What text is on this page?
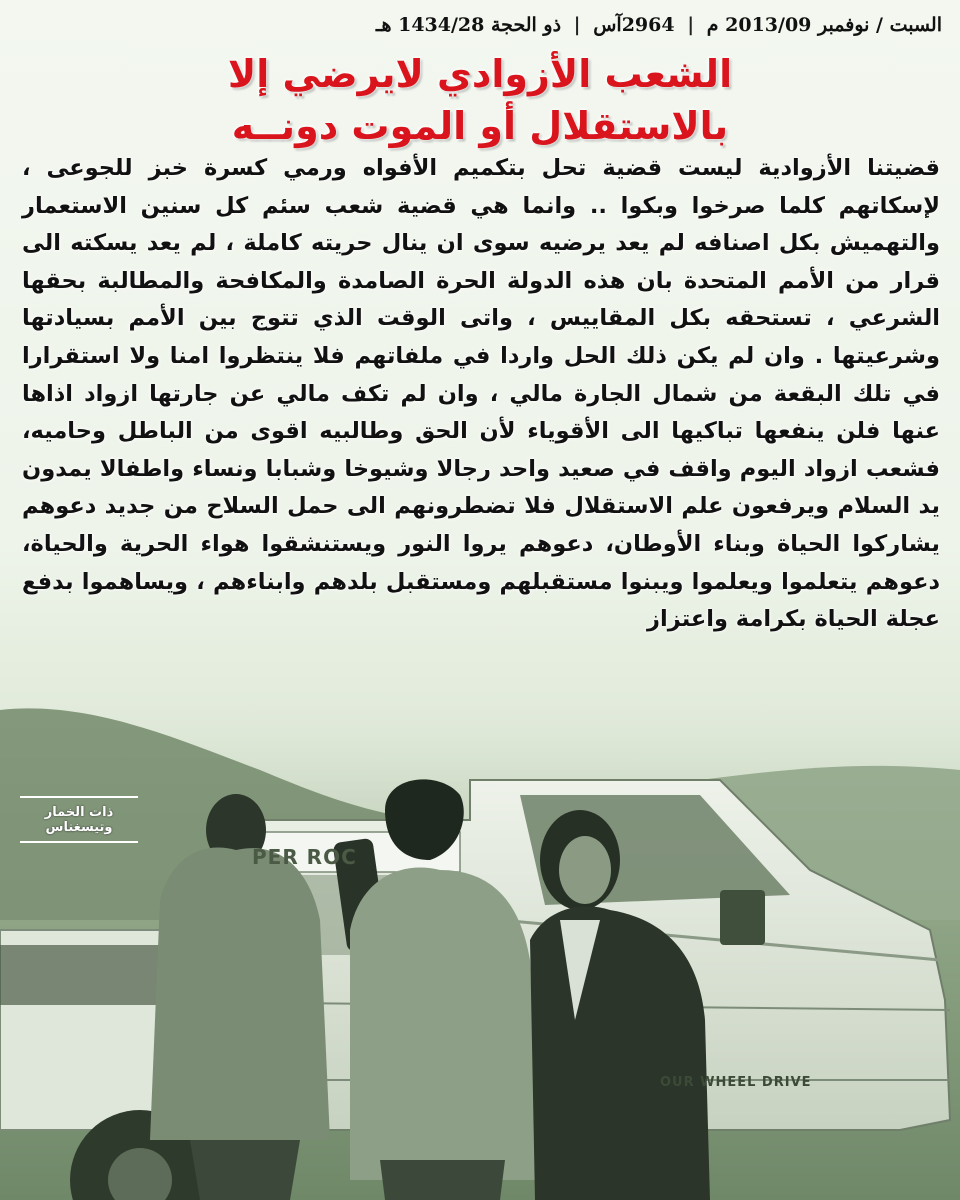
السبت / نوفمبر 2013/09 م | 2964آس | ذو الحجة 1434/28 هـ
الشعب الأزوادي لايرضي إلا
بالاستقلال أو الموت دونــه
قضيتنا الأزوادية ليست قضية تحل بتكميم الأفواه ورمي كسرة خبز للجوعى ، لإسكاتهم كلما صرخوا وبكوا .. وانما هي قضية شعب سئم كل سنين الاستعمار والتهميش بكل اصنافه لم يعد يرضيه سوى ان ينال حريته كاملة ، لم يعد يسكته الى قرار من الأمم المتحدة بان هذه الدولة الحرة الصامدة والمكافحة والمطالبة بحقها الشرعي ، تستحقه بكل المقاييس ، واتى الوقت الذي تتوج بين الأمم بسيادتها وشرعيتها . وان لم يكن ذلك الحل واردا في ملفاتهم فلا ينتظروا امنا ولا استقرارا في تلك البقعة من شمال الجارة مالي ، وان لم تكف مالي عن جارتها ازواد اذاها عنها فلن ينفعها تباكيها الى الأقوياء لأن الحق وطالبيه اقوى من الباطل وحاميه، فشعب ازواد اليوم واقف في صعيد واحد رجالا وشيوخا وشبابا ونساء واطفالا يمدون يد السلام ويرفعون علم الاستقلال فلا تضطرونهم الى حمل السلاح من جديد دعوهم يشاركوا الحياة وبناء الأوطان، دعوهم يروا النور ويستنشقوا هواء الحرية والحياة، دعوهم يتعلموا ويعلموا ويبنوا مستقبلهم ومستقبل بلدهم وابناءهم ، ويساهموا بدفع عجلة الحياة بكرامة واعتزاز
PER ROC
OUR WHEEL DRIVE
ذات الخمار وتيسغناس
